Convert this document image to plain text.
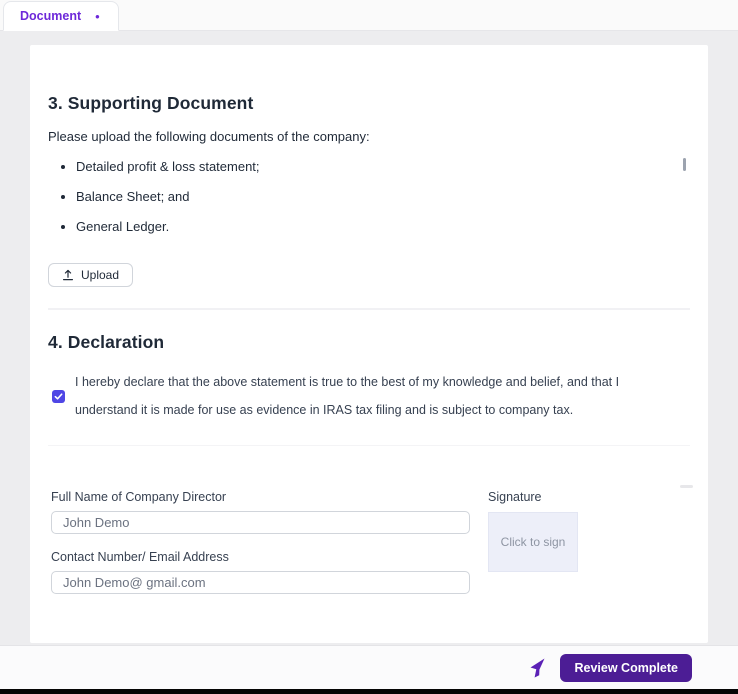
Document •
3. Supporting Document
Please upload the following documents of the company:
• Detailed profit & loss statement;
• Balance Sheet; and
• General Ledger.
Upload
4. Declaration
I hereby declare that the above statement is true to the best of my knowledge and belief, and that I understand it is made for use as evidence in IRAS tax filing and is subject to company tax.
Full Name of Company Director
John Demo
Contact Number/ Email Address
John Demo@ gmail.com
Signature
Click to sign
Review Complete
